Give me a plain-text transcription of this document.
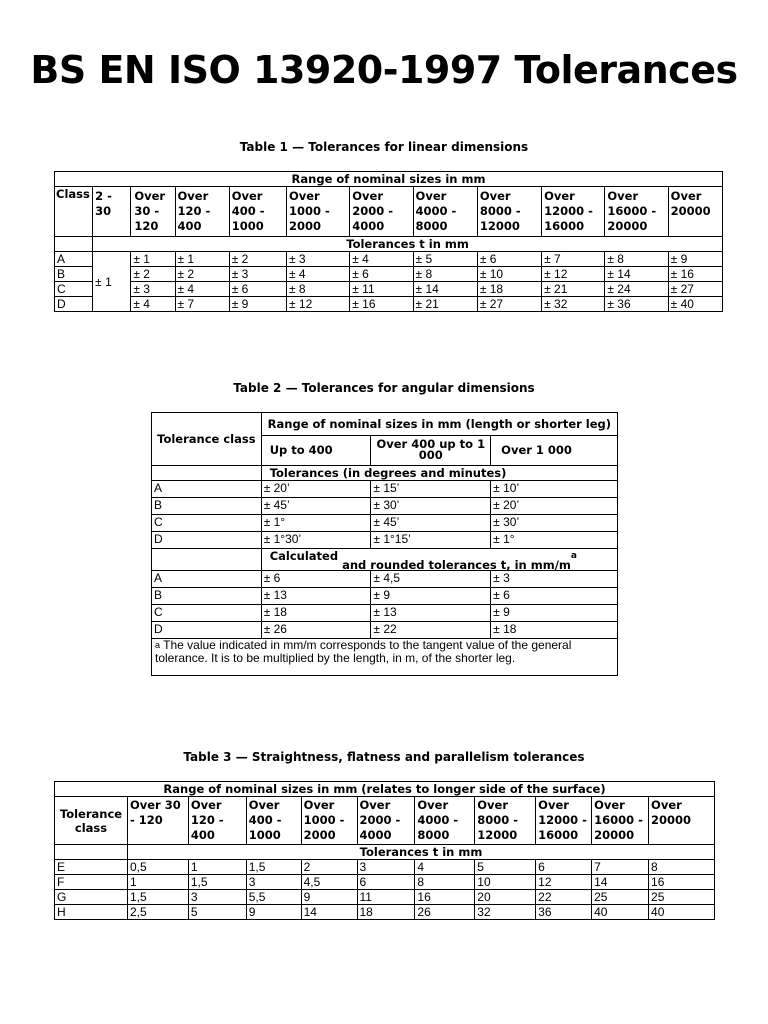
BS EN ISO 13920-1997 Tolerances
Table 1 — Tolerances for linear dimensions
Range of nominal sizes in mm											
Class	2 - 30	Over 30 - 120	Over 120 - 400	Over 400 - 1000	Over 1000 - 2000	Over 2000 - 4000	Over 4000 - 8000	Over 8000 - 12000	Over 12000 - 16000	Over 16000 - 20000	Over 20000
	Tolerances t in mm										
A	± 1	± 1	± 1	± 2	± 3	± 4	± 5	± 6	± 7	± 8	± 9
B		± 2	± 2	± 3	± 4	± 6	± 8	± 10	± 12	± 14	± 16
C		± 3	± 4	± 6	± 8	± 11	± 14	± 18	± 21	± 24	± 27
D		± 4	± 7	± 9	± 12	± 16	± 21	± 27	± 32	± 36	± 40
Table 2 — Tolerances for angular dimensions
Tolerance class	Range of nominal sizes in mm (length or shorter leg)		
	Up to 400	Over 400 up to 1 000	Over 1 000
	Tolerances (in degrees and minutes)		
A	± 20’	± 15’	± 10’
B	± 45’	± 30’	± 20’
C	± 1°	± 45’	± 30’
D	± 1°30’	± 1°15’	± 1°
	Calculated and rounded tolerances t, in $mm/m^a$
A	± 6	± 4,5	± 3
B	± 13	± 9	± 6
C	± 18	± 13	± 9
D	± 26	± 22	± 18
$^a$ The value indicated in mm/m corresponds to the tangent value of the general tolerance. It is to be multiplied by the length, in m, of the shorter leg.			
Table 3 — Straightness, flatness and parallelism tolerances
Range of nominal sizes in mm (relates to longer side of the surface)										
Tolerance class	Over 30 - 120	Over 120 - 400	Over 400 - 1000	Over 1000 - 2000	Over 2000 - 4000	Over 4000 - 8000	Over 8000 - 12000	Over 12000 - 16000	Over 16000 - 20000	Over 20000
	Tolerances t in mm									
E	0,5	1	1,5	2	3	4	5	6	7	8
F	1	1,5	3	4,5	6	8	10	12	14	16
G	1,5	3	5,5	9	11	16	20	22	25	25
H	2,5	5	9	14	18	26	32	36	40	40
